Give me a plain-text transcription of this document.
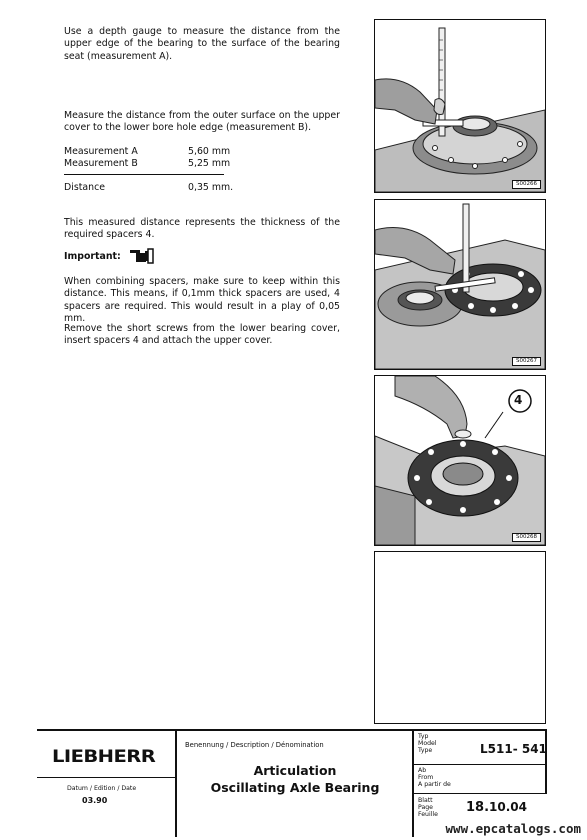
Use a depth gauge to measure the distance from the upper edge of the bearing to the surface of the bearing seat (measurement A).
Measure the distance from the outer surface on the upper cover to the lower bore hole edge (measurement B).
Measurement A	5,60 mm
Measurement B	5,25 mm
Distance	0,35 mm.
This measured distance represents the thickness of the required spacers 4.
Important:
When combining spacers, make sure to keep within this distance. This means, if 0,1mm thick spacers are used, 4 spacers are required. This would result in a play of 0,05 mm.
Remove the short screws from the lower bearing cover, insert spacers 4 and attach the upper cover.
S00266
S00267
4
S00268
LIEBHERR
Benennung / Description / Dénomination
Articulation
Oscillating Axle Bearing
Datum / Edition / Date
03.90
Typ
Model
Type	L511- 541
Ab
From
A partir de
Blatt
Page
Feuille 18.10.04
www.epcatalogs.com
